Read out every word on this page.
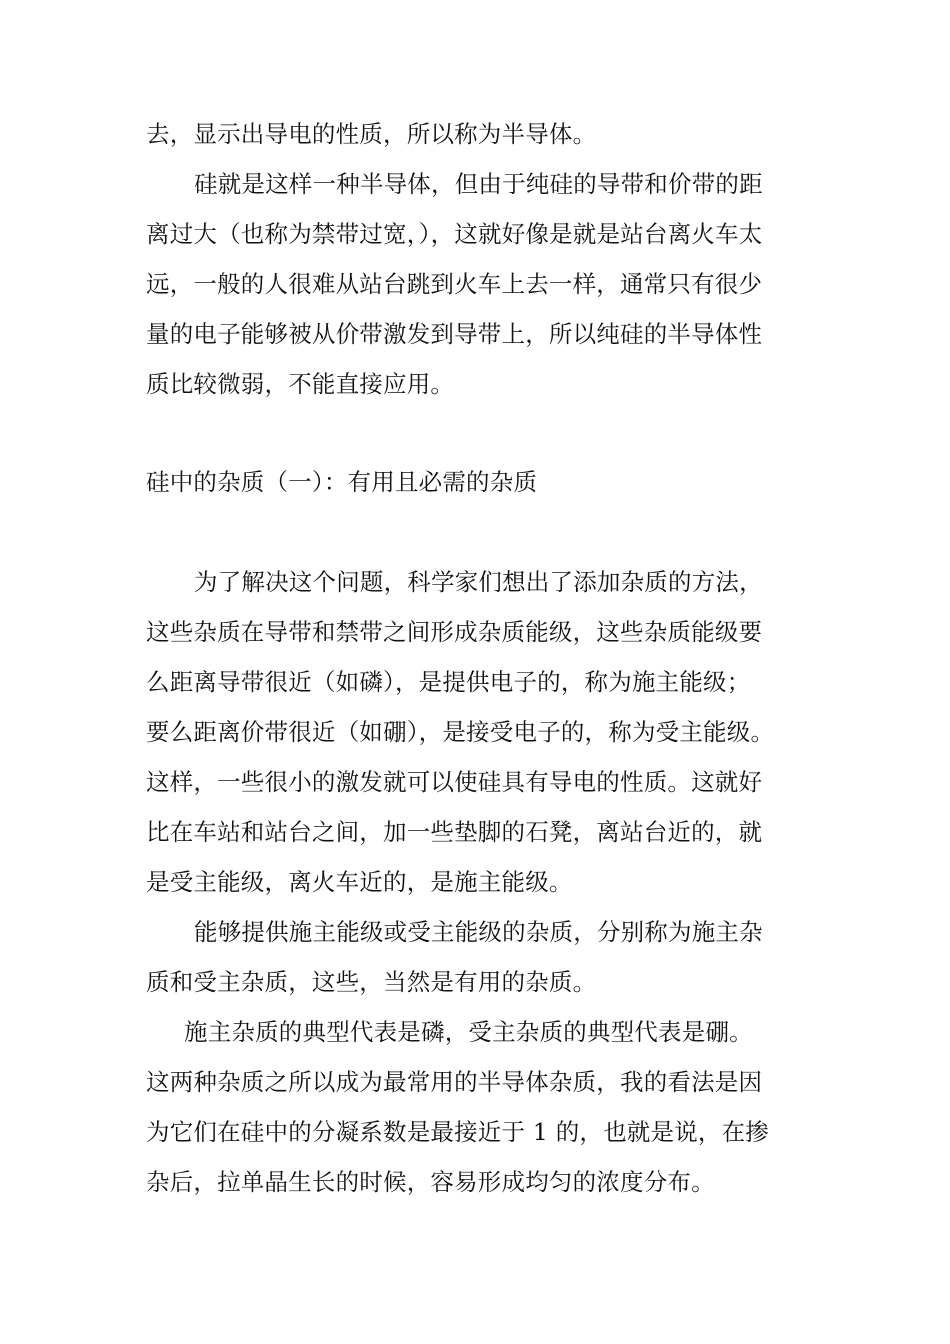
去，显示出导电的性质，所以称为半导体。
硅就是这样一种半导体，但由于纯硅的导带和价带的距
离过大（也称为禁带过宽，），这就好像是就是站台离火车太
远，一般的人很难从站台跳到火车上去一样，通常只有很少
量的电子能够被从价带激发到导带上，所以纯硅的半导体性
质比较微弱，不能直接应用。
硅中的杂质（一）：有用且必需的杂质
为了解决这个问题，科学家们想出了添加杂质的方法，
这些杂质在导带和禁带之间形成杂质能级，这些杂质能级要
么距离导带很近（如磷），是提供电子的，称为施主能级；
要么距离价带很近（如硼），是接受电子的，称为受主能级。
这样，一些很小的激发就可以使硅具有导电的性质。这就好
比在车站和站台之间，加一些垫脚的石凳，离站台近的，就
是受主能级，离火车近的，是施主能级。
能够提供施主能级或受主能级的杂质，分别称为施主杂
质和受主杂质，这些，当然是有用的杂质。
施主杂质的典型代表是磷，受主杂质的典型代表是硼。
这两种杂质之所以成为最常用的半导体杂质，我的看法是因
为它们在硅中的分凝系数是最接近于 1 的，也就是说，在掺
杂后，拉单晶生长的时候，容易形成均匀的浓度分布。
